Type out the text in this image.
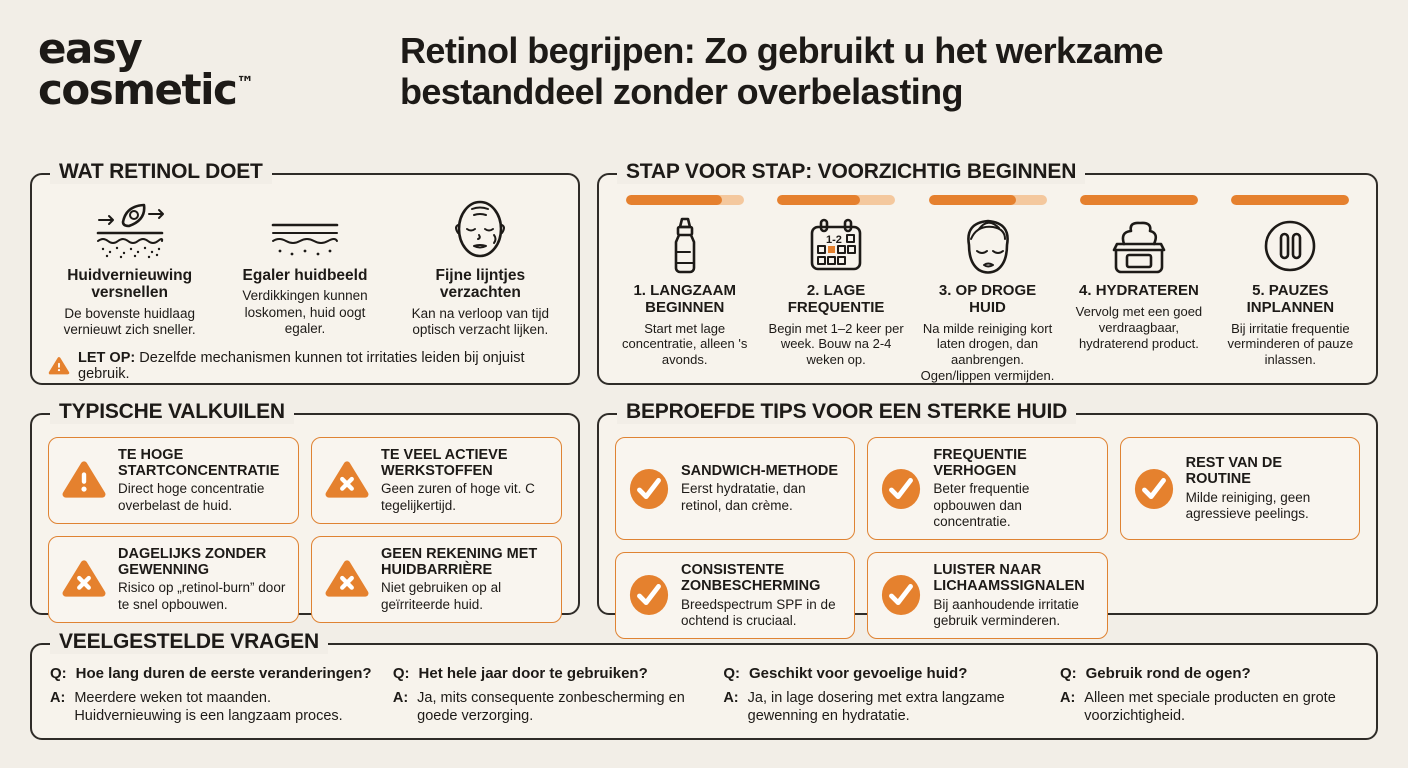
easy
cosmetic™
Retinol begrijpen: Zo gebruikt u het werkzame bestanddeel zonder overbelasting
WAT RETINOL DOET
Huidvernieuwing versnellen
De bovenste huidlaag vernieuwt zich sneller.
Egaler huidbeeld
Verdikkingen kunnen loskomen, huid oogt egaler.
Fijne lijntjes verzachten
Kan na verloop van tijd optisch verzacht lijken.
LET OP: Dezelfde mechanismen kunnen tot irritaties leiden bij onjuist gebruik.
STAP VOOR STAP: VOORZICHTIG BEGINNEN
1. LANGZAAM BEGINNEN
Start met lage concentratie, alleen 's avonds.
1-2
2. LAGE FREQUENTIE
Begin met 1–2 keer per week. Bouw na 2-4 weken op.
3. OP DROGE HUID
Na milde reiniging kort laten drogen, dan aanbrengen. Ogen/lippen vermijden.
4. HYDRATEREN
Vervolg met een goed verdraagbaar, hydraterend product.
5. PAUZES INPLANNEN
Bij irritatie frequentie verminderen of pauze inlassen.
TYPISCHE VALKUILEN
TE HOGE STARTCONCENTRATIE
Direct hoge concentratie overbelast de huid.
TE VEEL ACTIEVE WERKSTOFFEN
Geen zuren of hoge vit. C tegelijkertijd.
DAGELIJKS ZONDER GEWENNING
Risico op „retinol-burn” door te snel opbouwen.
GEEN REKENING MET HUIDBARRIÈRE
Niet gebruiken op al geïrriteerde huid.
BEPROEFDE TIPS VOOR EEN STERKE HUID
SANDWICH-METHODE
Eerst hydratatie, dan retinol, dan crème.
FREQUENTIE VERHOGEN
Beter frequentie opbouwen dan concentratie.
REST VAN DE ROUTINE
Milde reiniging, geen agressieve peelings.
CONSISTENTE ZONBESCHERMING
Breedspectrum SPF in de ochtend is cruciaal.
LUISTER NAAR LICHAAMSSIGNALEN
Bij aanhoudende irritatie gebruik verminderen.
VEELGESTELDE VRAGEN
Q: Hoe lang duren de eerste veranderingen?
A: Meerdere weken tot maanden. Huidvernieuwing is een langzaam proces.
Q: Het hele jaar door te gebruiken?
A: Ja, mits consequente zonbescherming en goede verzorging.
Q: Geschikt voor gevoelige huid?
A: Ja, in lage dosering met extra langzame gewenning en hydratatie.
Q: Gebruik rond de ogen?
A: Alleen met speciale producten en grote voorzichtigheid.
